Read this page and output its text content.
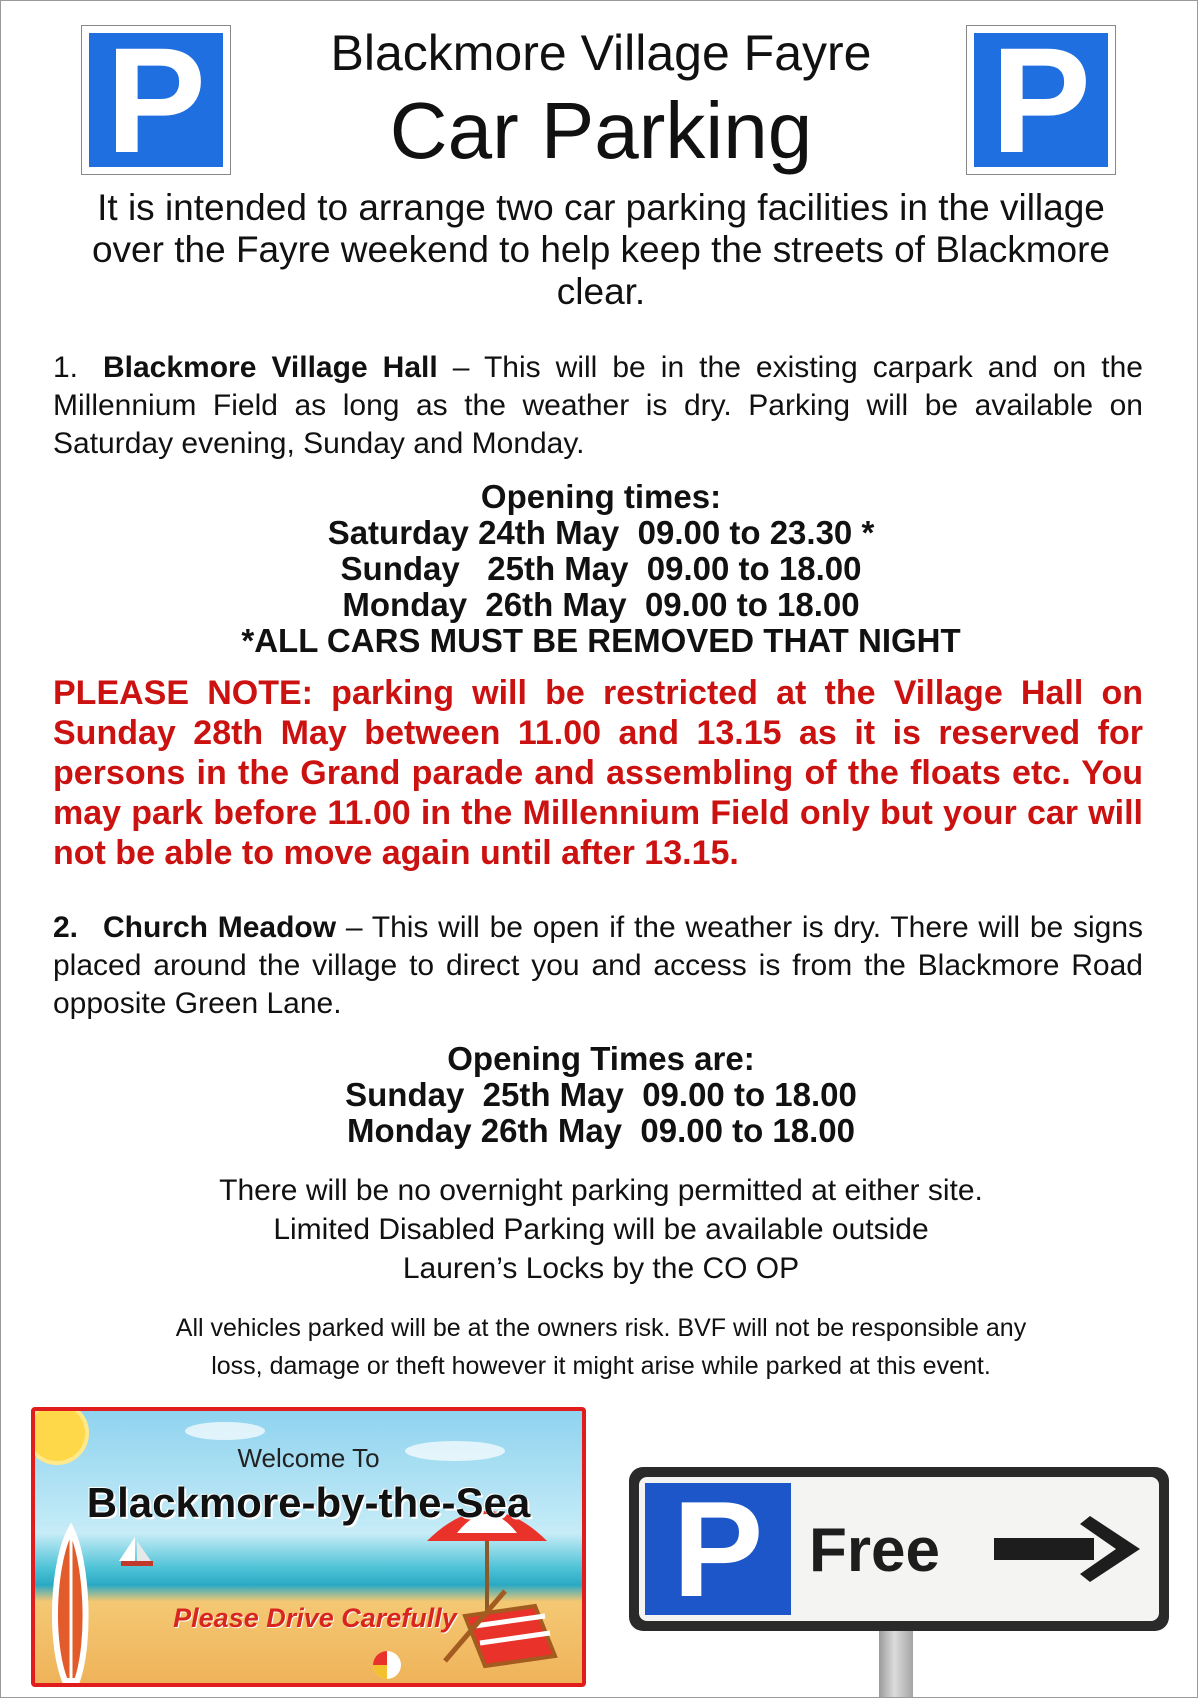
P	P
Blackmore Village Fayre
Car Parking
It is intended to arrange two car parking facilities in the village over the Fayre weekend to help keep the streets of Blackmore clear.
1. Blackmore Village Hall – This will be in the existing carpark and on the Millennium Field as long as the weather is dry. Parking will be available on Saturday evening, Sunday and Monday.
Opening times:
Saturday 24th May  09.00 to 23.30 *
Sunday   25th May  09.00 to 18.00
Monday  26th May  09.00 to 18.00
*ALL CARS MUST BE REMOVED THAT NIGHT
PLEASE NOTE: parking will be restricted at the Village Hall on Sunday 28th May between 11.00 and 13.15 as it is reserved for persons in the Grand parade and assembling of the floats etc. You may park before 11.00 in the Millennium Field only but your car will not be able to move again until after 13.15.
2. Church Meadow – This will be open if the weather is dry. There will be signs placed around the village to direct you and access is from the Blackmore Road opposite Green Lane.
Opening Times are:
Sunday  25th May  09.00 to 18.00
Monday 26th May  09.00 to 18.00
There will be no overnight parking permitted at either site.
Limited Disabled Parking will be available outside
Lauren’s Locks by the CO OP
All vehicles parked will be at the owners risk. BVF will not be responsible any
loss, damage or theft however it might arise while parked at this event.
Welcome To
Blackmore-by-the-Sea
Please Drive Carefully P Free
